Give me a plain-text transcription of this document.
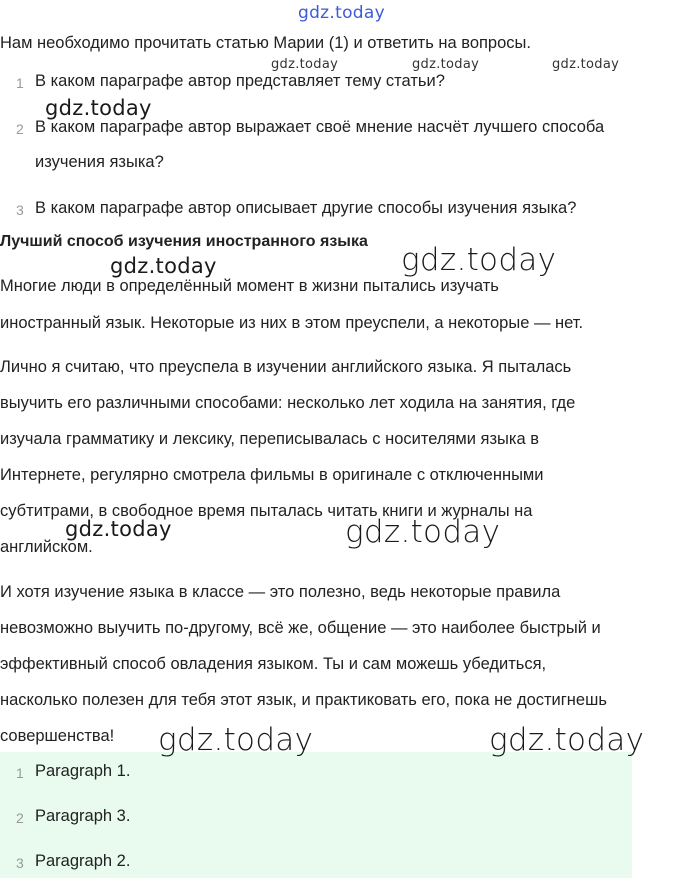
gdz.today
Нам необходимо прочитать статью Марии (1) и ответить на вопросы.
gdz.today	gdz.today	gdz.today
1 В каком параграфе автор представляет тему статьи?
2 В каком параграфе автор выражает своё мнение насчёт лучшего способа
изучения языка?
3 В каком параграфе автор описывает другие способы изучения языка?
gdz.today
Лучший способ изучения иностранного языка
gdz.today	gdz.today
Многие люди в определённый момент в жизни пытались изучать
иностранный язык. Некоторые из них в этом преуспели, а некоторые — нет.
Лично я считаю, что преуспела в изучении английского языка. Я пыталась
выучить его различными способами: несколько лет ходила на занятия, где
изучала грамматику и лексику, переписывалась с носителями языка в
Интернете, регулярно смотрела фильмы в оригинале с отключенными
субтитрами, в свободное время пыталась читать книги и журналы на
английском.
gdz.today	gdz.today
И хотя изучение языка в классе — это полезно, ведь некоторые правила
невозможно выучить по-другому, всё же, общение — это наиболее быстрый и
эффективный способ овладения языком. Ты и сам можешь убедиться,
насколько полезен для тебя этот язык, и практиковать его, пока не достигнешь
совершенства!
1 Paragraph 1.
2 Paragraph 3.
3 Paragraph 2.
gdz.today	gdz.today
